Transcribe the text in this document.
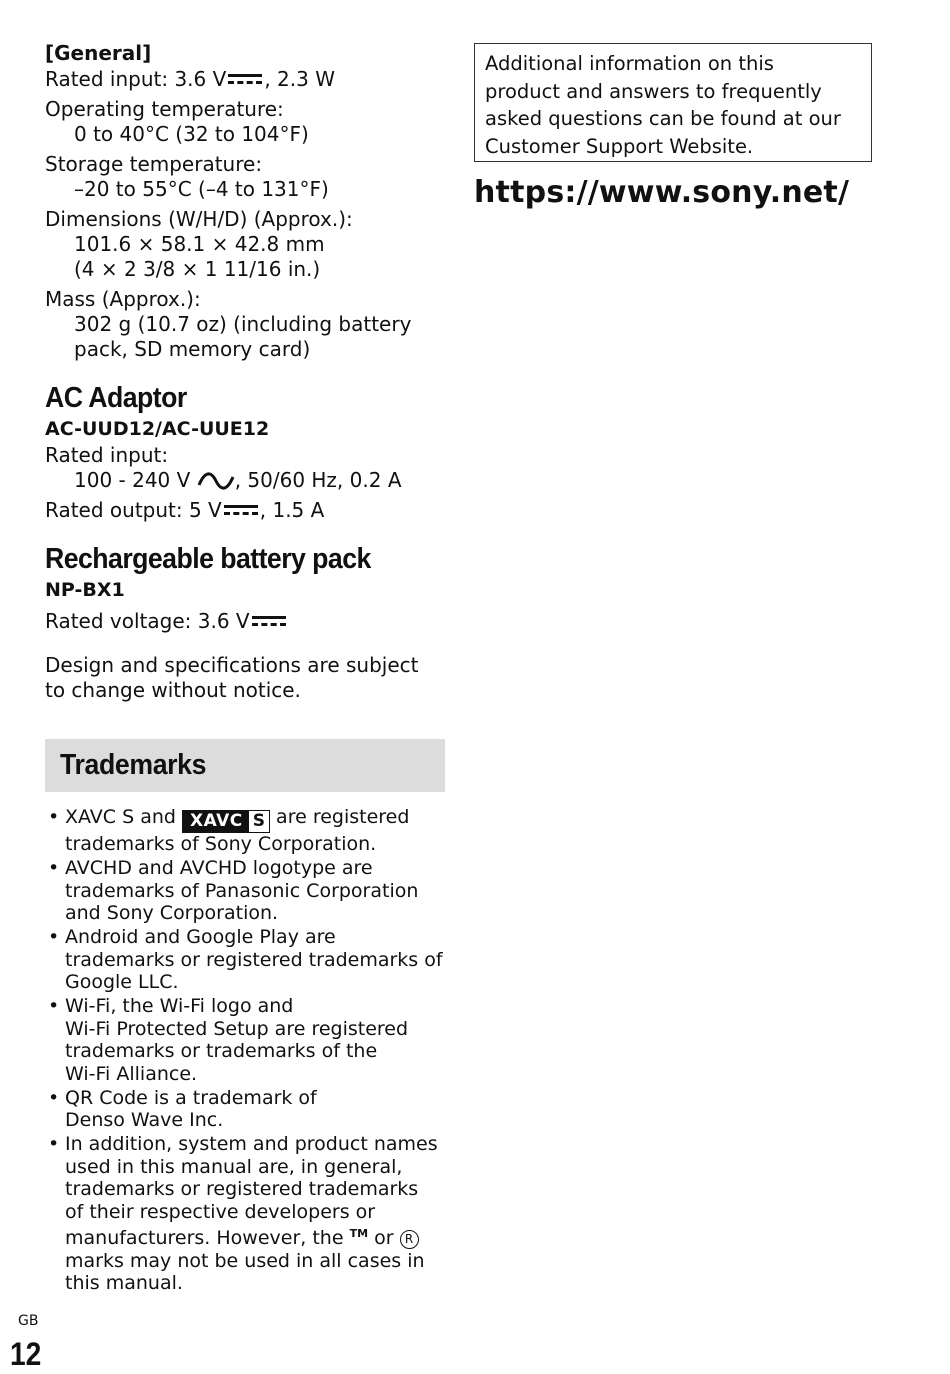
[General]

Rated input: 3.6 V , 2.3 W

Operating temperature:

0 to 40°C (32 to 104°F)

Storage temperature:

–20 to 55°C (–4 to 131°F)

Dimensions (W/H/D) (Approx.):

101.6 × 58.1 × 42.8 mm

(4 × 2 3/8 × 1 11/16 in.)

Mass (Approx.):

302 g (10.7 oz) (including battery

pack, SD memory card)

AC Adaptor

AC-UUD12/AC-UUE12

Rated input:

100 - 240 V , 50/60 Hz, 0.2 A

Rated output: 5 V , 1.5 A

Rechargeable battery pack

NP-BX1

Rated voltage: 3.6 V

Design and specifications are subject

to change without notice.

Trademarks
• XAVC S and XAVC S are registered
trademarks of Sony Corporation.
• AVCHD and AVCHD logotype are
trademarks of Panasonic Corporation
and Sony Corporation.
• Android and Google Play are
trademarks or registered trademarks of
Google LLC.
• Wi-Fi, the Wi-Fi logo and
Wi-Fi Protected Setup are registered
trademarks or trademarks of the
Wi-Fi Alliance.
• QR Code is a trademark of
Denso Wave Inc.
• In addition, system and product names
used in this manual are, in general,
trademarks or registered trademarks
of their respective developers or
manufacturers. However, the ™ or R
marks may not be used in all cases in
this manual.
Additional information on this
product and answers to frequently
asked questions can be found at our
Customer Support Website.
https://www.sony.net/
GB
12
